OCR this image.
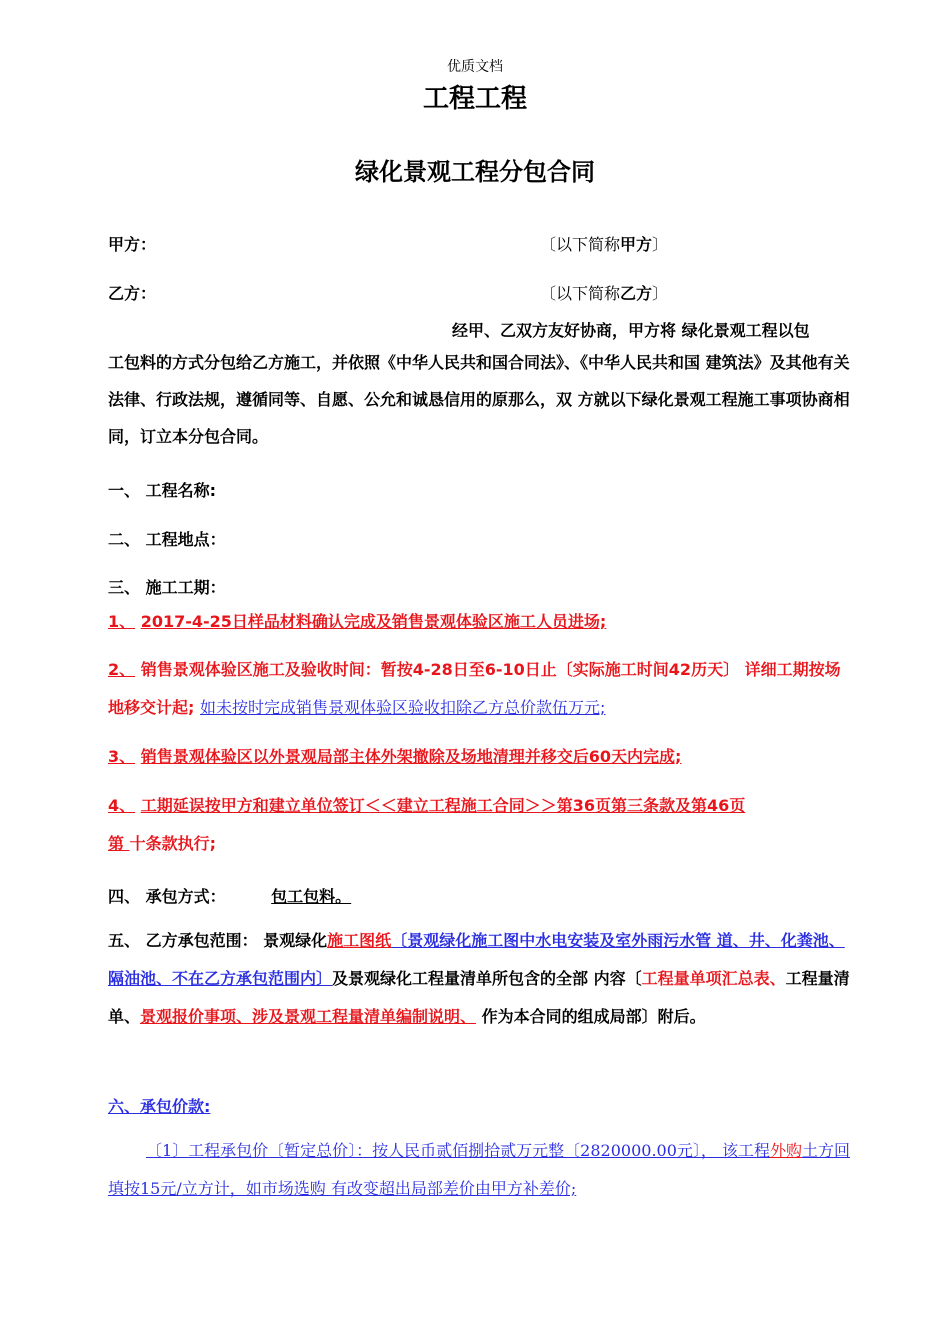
优质文档
工程工程
绿化景观工程分包合同
甲方：	〔以下简称甲方〕
乙方：	〔以下简称乙方〕
经甲、乙双方友好协商，甲方将 绿化景观工程以包
工包料的方式分包给乙方施工，并依照《中华人民共和国合同法》、《中华人民共和国 建筑法》及其他有关法律、行政法规，遵循同等、自愿、公允和诚恳信用的原那么，双 方就以下绿化景观工程施工事项协商相同，订立本分包合同。
一、 工程名称:
二、 工程地点：
三、 施工工期：
1、 2017-4-25日样品材料确认完成及销售景观体验区施工人员进场;
2、 销售景观体验区施工及验收时间：暂按4-28日至6-10日止〔实际施工时间42历天〕 详细工期按场地移交计起; 如未按时完成销售景观体验区验收扣除乙方总价款伍万元;
3、 销售景观体验区以外景观局部主体外架撤除及场地清理并移交后60天内完成;
4、 工期延误按甲方和建立单位签订＜＜建立工程施工合同＞＞第36页第三条款及第46页
第 十条款执行;
四、 承包方式：	包工包料。
五、 乙方承包范围： 景观绿化施工图纸〔景观绿化施工图中水电安装及室外雨污水管 道、井、化粪池、隔油池、不在乙方承包范围内〕及景观绿化工程量清单所包含的全部 内容〔工程量单项汇总表、工程量清单、景观报价事项、涉及景观工程量清单编制说明、 作为本合同的组成局部〕附后。
六、承包价款:
〔1〕工程承包价〔暂定总价〕：按人民币贰佰捌拾贰万元整〔2820000.00元〕， 该工程外购土方回填按15元/立方计，如市场选购 有改变超出局部差价由甲方补差价;
